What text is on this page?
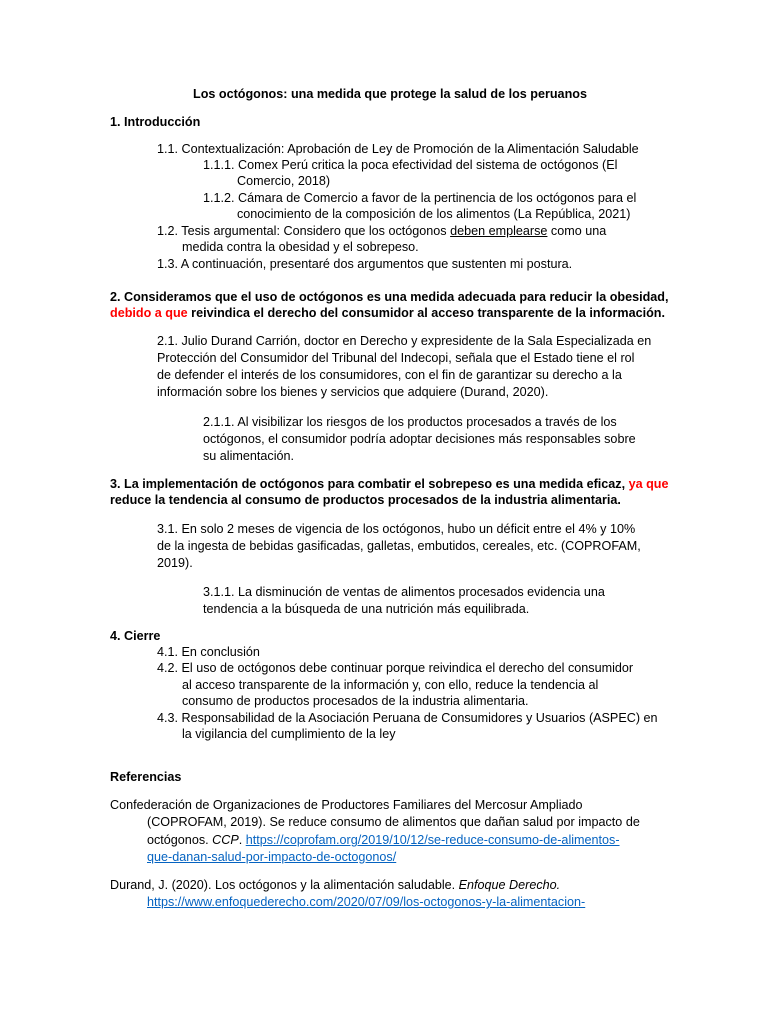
Los octógonos: una medida que protege la salud de los peruanos
1. Introducción
1.1. Contextualización: Aprobación de Ley de Promoción de la Alimentación Saludable
1.1.1. Comex Perú critica la poca efectividad del sistema de octógonos (El
Comercio, 2018)
1.1.2. Cámara de Comercio a favor de la pertinencia de los octógonos para el
conocimiento de la composición de los alimentos (La República, 2021)
1.2. Tesis argumental: Considero que los octógonos deben emplearse como una
medida contra la obesidad y el sobrepeso.
1.3. A continuación, presentaré dos argumentos que sustenten mi postura.
2. Consideramos que el uso de octógonos es una medida adecuada para reducir la obesidad,
debido a que reivindica el derecho del consumidor al acceso transparente de la información.
2.1. Julio Durand Carrión, doctor en Derecho y expresidente de la Sala Especializada en
Protección del Consumidor del Tribunal del Indecopi, señala que el Estado tiene el rol
de defender el interés de los consumidores, con el fin de garantizar su derecho a la
información sobre los bienes y servicios que adquiere (Durand, 2020).
2.1.1. Al visibilizar los riesgos de los productos procesados a través de los
octógonos, el consumidor podría adoptar decisiones más responsables sobre
su alimentación.
3. La implementación de octógonos para combatir el sobrepeso es una medida eficaz, ya que
reduce la tendencia al consumo de productos procesados de la industria alimentaria.
3.1. En solo 2 meses de vigencia de los octógonos, hubo un déficit entre el 4% y 10%
de la ingesta de bebidas gasificadas, galletas, embutidos, cereales, etc. (COPROFAM,
2019).
3.1.1. La disminución de ventas de alimentos procesados evidencia una
tendencia a la búsqueda de una nutrición más equilibrada.
4. Cierre
4.1. En conclusión
4.2. El uso de octógonos debe continuar porque reivindica el derecho del consumidor
al acceso transparente de la información y, con ello, reduce la tendencia al
consumo de productos procesados de la industria alimentaria.
4.3. Responsabilidad de la Asociación Peruana de Consumidores y Usuarios (ASPEC) en
la vigilancia del cumplimiento de la ley
Referencias
Confederación de Organizaciones de Productores Familiares del Mercosur Ampliado
(COPROFAM, 2019). Se reduce consumo de alimentos que dañan salud por impacto de
octógonos. CCP. https://coprofam.org/2019/10/12/se-reduce-consumo-de-alimentos-
que-danan-salud-por-impacto-de-octogonos/
Durand, J. (2020). Los octógonos y la alimentación saludable. Enfoque Derecho.
https://www.enfoquederecho.com/2020/07/09/los-octogonos-y-la-alimentacion-
